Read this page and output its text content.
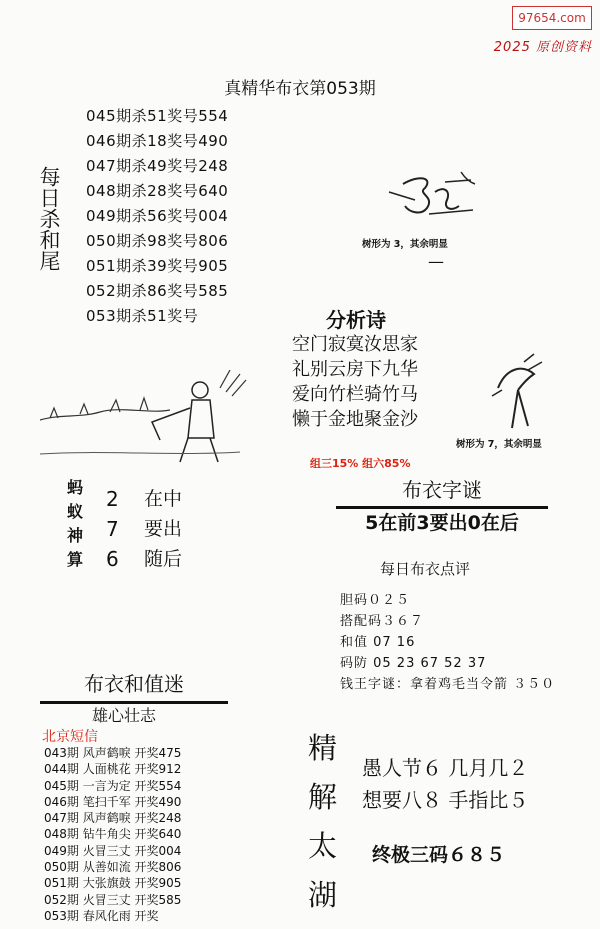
97654.com
2025 原创资料
真精华布衣第053期
045期杀51奖号554
046期杀18奖号490
047期杀49奖号248
048期杀28奖号640
049期杀56奖号004
050期杀98奖号806
051期杀39奖号905
052期杀86奖号585
053期杀51奖号
每日杀和尾	树形为 3，其余明显
—
树形为 7，其余明显
分析诗
空门寂寞汝思家
礼别云房下九华
爱向竹栏骑竹马
懒于金地聚金沙
组三15% 组六85%
蚂
蚁
神
算
2
7
6
在中
要出
随后
布衣字谜
5在前3要出0在后
每日布衣点评
胆码０２５
搭配码３６７
和值 07 16
码防 05 23 67 52 37
钱王字谜：拿着鸡毛当令箭 ３５０
布衣和值迷
雄心壮志
北京短信
043期 风声鹤唳 开奖475
044期 人面桃花 开奖912
045期 一言为定 开奖554
046期 笔扫千军 开奖490
047期 风声鹤唳 开奖248
048期 钻牛角尖 开奖640
049期 火冒三丈 开奖004
050期 从善如流 开奖806
051期 大张旗鼓 开奖905
052期 火冒三丈 开奖585
053期 春风化雨 开奖
精
解
太
湖
愚人节６ 几月几２
想要八８ 手指比５
终极三码６８５
